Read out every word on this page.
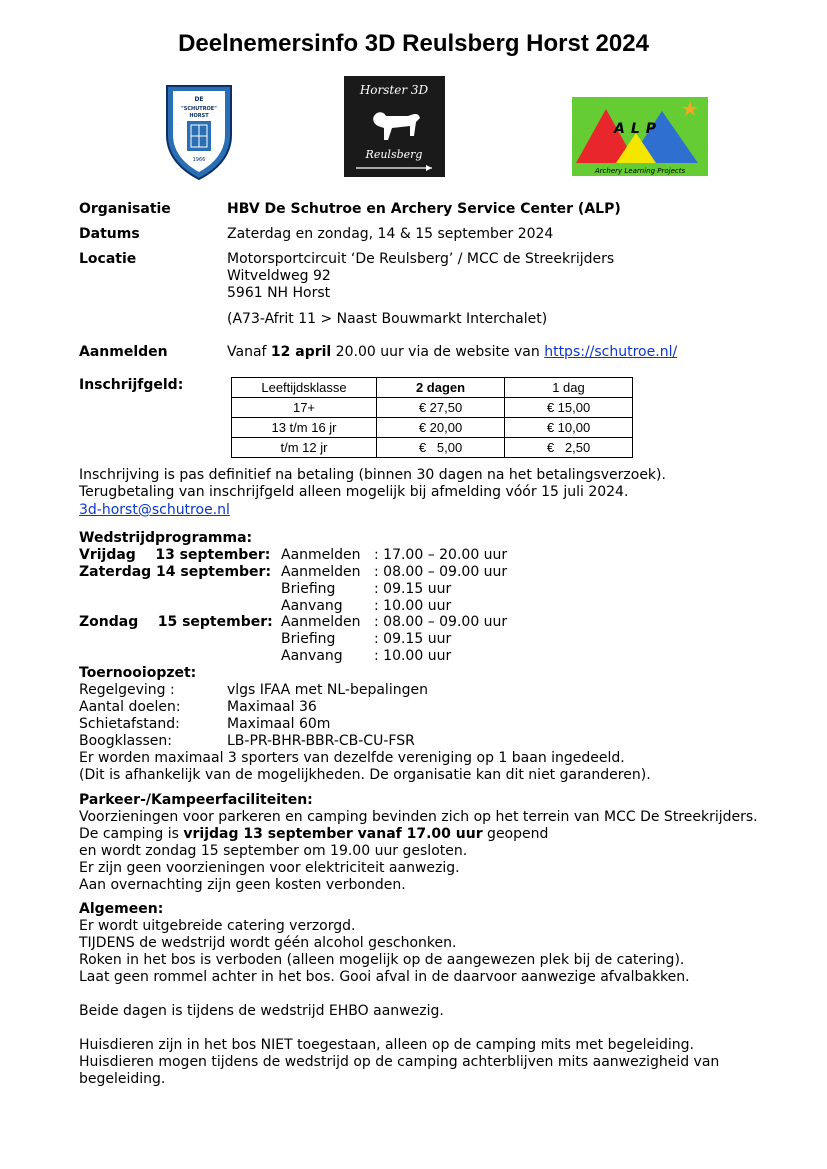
Deelnemersinfo 3D Reulsberg Horst 2024
DE
"SCHUTROE"
HORST
1966
Horster 3D
Reulsberg
ALP
Archery Learning Projects
Organisatie	HBV De Schutroe en Archery Service Center (ALP)
Datums	Zaterdag en zondag, 14 & 15 september 2024
Locatie	Motorsportcircuit ‘De Reulsberg’ / MCC de Streekrijders
Witveldweg 92
5961 NH Horst
(A73-Afrit 11 > Naast Bouwmarkt Interchalet)
Aanmelden	Vanaf 12 april 20.00 uur via de website van https://schutroe.nl/
Inschrijfgeld:	Leeftijdsklasse	2 dagen	1 dag
17+	€ 27,50	€ 15,00
13 t/m 16 jr	€ 20,00	€ 10,00
t/m 12 jr	€   5,00	€   2,50
Inschrijving is pas definitief na betaling (binnen 30 dagen na het betalingsverzoek).
Terugbetaling van inschrijfgeld alleen mogelijk bij afmelding vóór 15 juli 2024.
3d-horst@schutroe.nl
Wedstrijdprogramma:
Vrijdag    13 september: Aanmelden : 17.00 – 20.00 uur
Zaterdag 14 september: Aanmelden : 08.00 – 09.00 uur
Briefing	: 09.15 uur
Aanvang : 10.00 uur
Zondag    15 september: Aanmelden : 08.00 – 09.00 uur
Briefing	: 09.15 uur
Aanvang : 10.00 uur
Toernooiopzet:
Regelgeving :	vlgs IFAA met NL-bepalingen
Aantal doelen:	Maximaal 36
Schietafstand:	Maximaal 60m
Boogklassen:	LB-PR-BHR-BBR-CB-CU-FSR
Er worden maximaal 3 sporters van dezelfde vereniging op 1 baan ingedeeld.
(Dit is afhankelijk van de mogelijkheden. De organisatie kan dit niet garanderen).
Parkeer-/Kampeerfaciliteiten:
Voorzieningen voor parkeren en camping bevinden zich op het terrein van MCC De Streekrijders.
De camping is vrijdag 13 september vanaf 17.00 uur geopend
en wordt zondag 15 september om 19.00 uur gesloten.
Er zijn geen voorzieningen voor elektriciteit aanwezig.
Aan overnachting zijn geen kosten verbonden.
Algemeen:
Er wordt uitgebreide catering verzorgd.
TIJDENS de wedstrijd wordt géén alcohol geschonken.
Roken in het bos is verboden (alleen mogelijk op de aangewezen plek bij de catering).
Laat geen rommel achter in het bos. Gooi afval in de daarvoor aanwezige afvalbakken.
Beide dagen is tijdens de wedstrijd EHBO aanwezig.
Huisdieren zijn in het bos NIET toegestaan, alleen op de camping mits met begeleiding.
Huisdieren mogen tijdens de wedstrijd op de camping achterblijven mits aanwezigheid van
begeleiding.
